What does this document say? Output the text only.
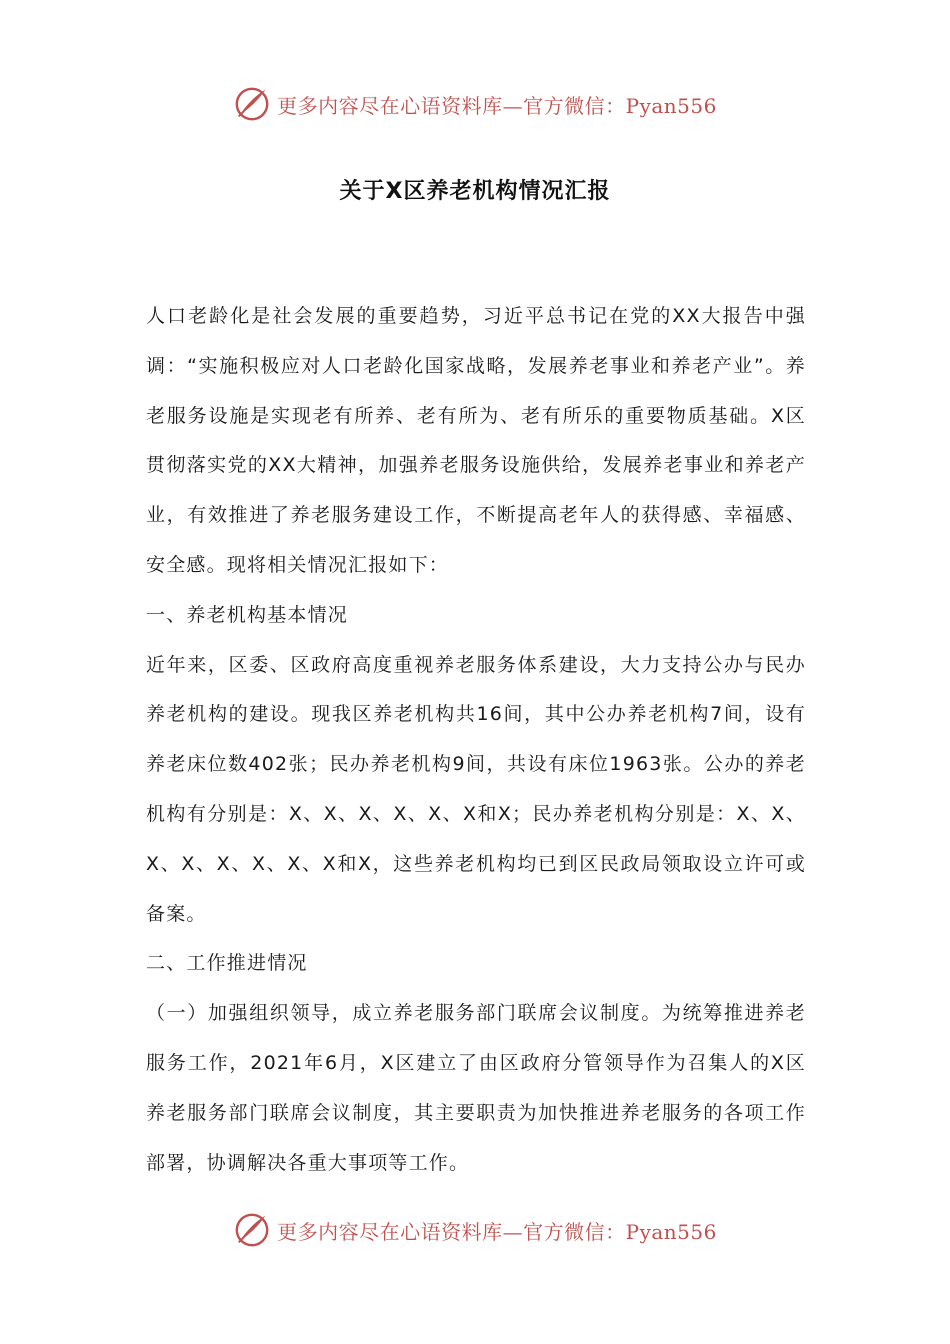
更多内容尽在心语资料库—官方微信：Pyan556
关于X区养老机构情况汇报

人口老龄化是社会发展的重要趋势，习近平总书记在党的XX大报告中强调：“实施积极应对人口老龄化国家战略，发展养老事业和养老产业”。养老服务设施是实现老有所养、老有所为、老有所乐的重要物质基础。X区贯彻落实党的XX大精神，加强养老服务设施供给，发展养老事业和养老产业，有效推进了养老服务建设工作，不断提高老年人的获得感、幸福感、安全感。现将相关情况汇报如下：

一、养老机构基本情况

近年来，区委、区政府高度重视养老服务体系建设，大力支持公办与民办养老机构的建设。现我区养老机构共16间，其中公办养老机构7间，设有养老床位数402张；民办养老机构9间，共设有床位1963张。公办的养老机构有分别是：X、X、X、X、X、X和X；民办养老机构分别是：X、X、X、X、X、X、X、X和X，这些养老机构均已到区民政局领取设立许可或备案。

二、工作推进情况

（一）加强组织领导，成立养老服务部门联席会议制度。为统筹推进养老服务工作，2021年6月，X区建立了由区政府分管领导作为召集人的X区养老服务部门联席会议制度，其主要职责为加快推进养老服务的各项工作部署，协调解决各重大事项等工作。

更多内容尽在心语资料库—官方微信：Pyan556
